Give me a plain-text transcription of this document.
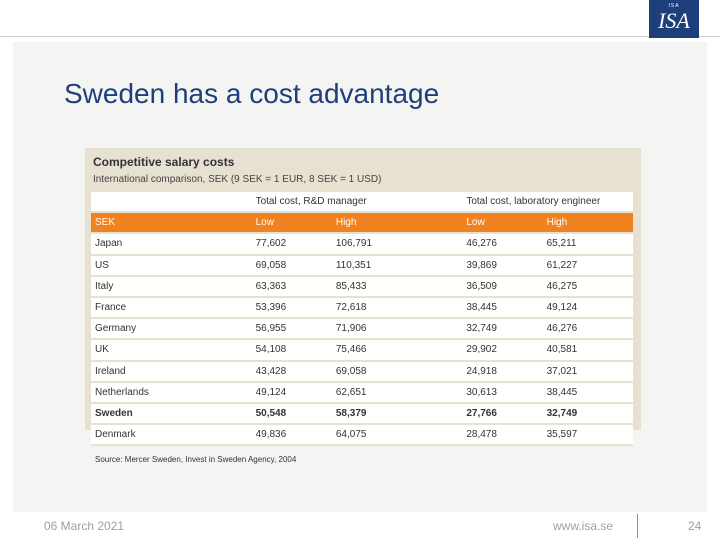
ISA
ISA
Sweden has a cost advantage
Competitive salary costs
International comparison, SEK (9 SEK = 1 EUR, 8 SEK = 1 USD)
	Total cost, R&D manager		Total cost, laboratory engineer	
SEK	Low	High	Low	High
Japan	77,602	106,791	46,276	65,211
US	69,058	110,351	39,869	61,227
Italy	63,363	85,433	36,509	46,275
France	53,396	72,618	38,445	49,124
Germany	56,955	71,906	32,749	46,276
UK	54,108	75,466	29,902	40,581
Ireland	43,428	69,058	24,918	37,021
Netherlands	49,124	62,651	30,613	38,445
Sweden	50,548	58,379	27,766	32,749
Denmark	49,836	64,075	28,478	35,597
Source: Mercer Sweden, Invest in Sweden Agency, 2004
06 March 2021	www.isa.se	24
